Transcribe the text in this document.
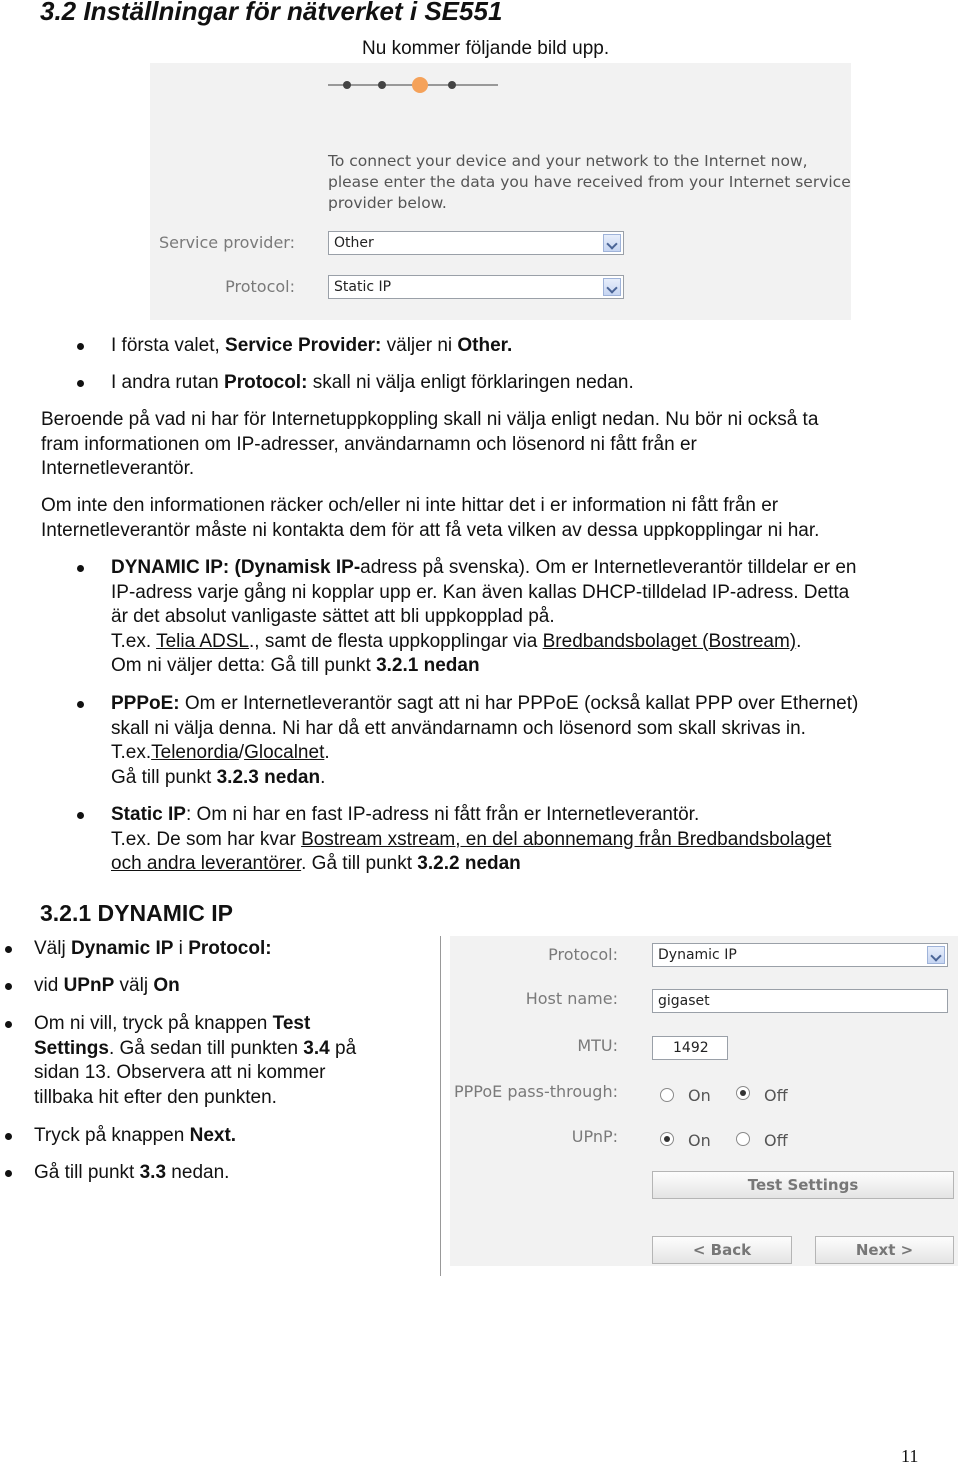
3.2 Inställningar för nätverket i SE551
Nu kommer följande bild upp.
To connect your device and your network to the Internet now,
please enter the data you have received from your Internet service
provider below.
Service provider:	Other
Protocol:	Static IP
I första valet, Service Provider: väljer ni Other.
I andra rutan Protocol: skall ni välja enligt förklaringen nedan.
Beroende på vad ni har för Internetuppkoppling skall ni välja enligt nedan. Nu bör ni också ta
fram informationen om IP-adresser, användarnamn och lösenord ni fått från er
Internetleverantör.
Om inte den informationen räcker och/eller ni inte hittar det i er information ni fått från er
Internetleverantör måste ni kontakta dem för att få veta vilken av dessa uppkopplingar ni har.
DYNAMIC IP: (Dynamisk IP-adress på svenska). Om er Internetleverantör tilldelar er en
IP-adress varje gång ni kopplar upp er. Kan även kallas DHCP-tilldelad IP-adress. Detta
är det absolut vanligaste sättet att bli uppkopplad på.
T.ex. Telia ADSL., samt de flesta uppkopplingar via Bredbandsbolaget (Bostream).
Om ni väljer detta: Gå till punkt 3.2.1 nedan
PPPoE: Om er Internetleverantör sagt att ni har PPPoE (också kallat PPP over Ethernet)
skall ni välja denna. Ni har då ett användarnamn och lösenord som skall skrivas in.
T.ex.Telenordia/Glocalnet.
Gå till punkt 3.2.3 nedan.
Static IP: Om ni har en fast IP-adress ni fått från er Internetleverantör.
T.ex. De som har kvar Bostream xstream, en del abonnemang från Bredbandsbolaget
och andra leverantörer. Gå till punkt 3.2.2 nedan
3.2.1 DYNAMIC IP
Välj Dynamic IP i Protocol:
vid UPnP välj On
Om ni vill, tryck på knappen Test
Settings. Gå sedan till punkten 3.4 på
sidan 13. Observera att ni kommer
tillbaka hit efter den punkten.
Tryck på knappen Next.
Gå till punkt 3.3 nedan.
Protocol:	Dynamic IP
Host name:	gigaset
MTU:	1492
PPPoE pass-through:	On	Off
UPnP:	On	Off
Test Settings
< Back	Next >
11
